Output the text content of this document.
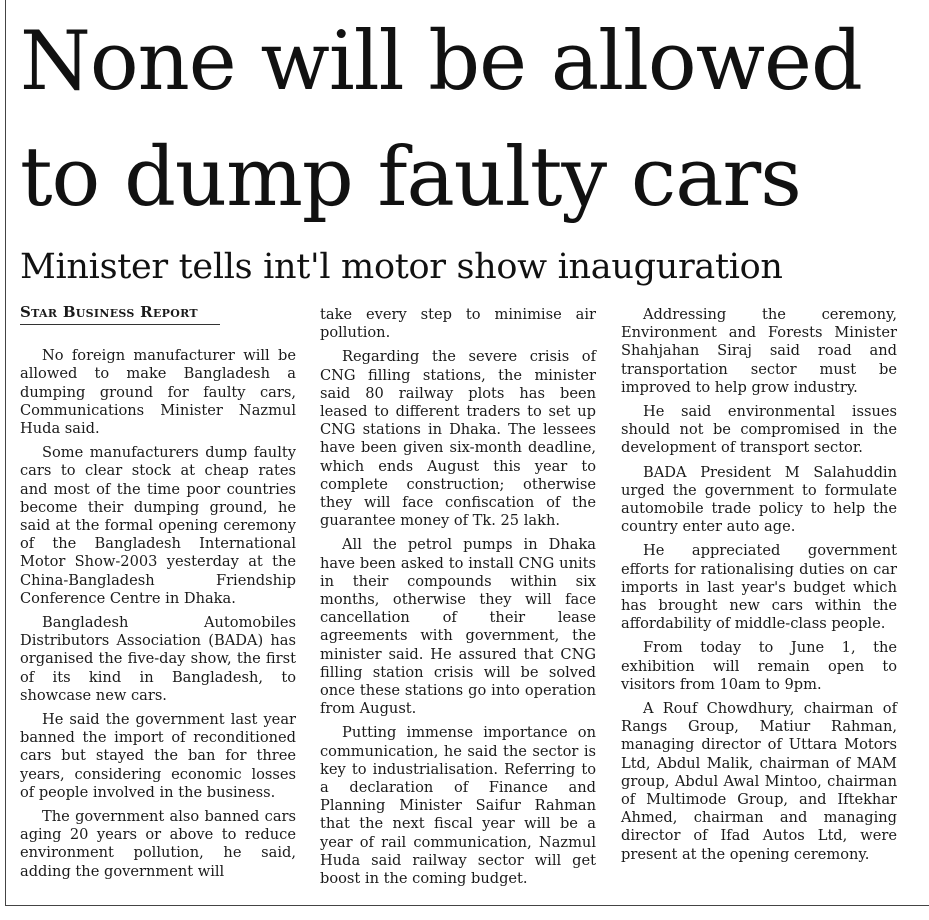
None will be allowed
to dump faulty cars
Minister tells int'l motor show inauguration
Star Business Report

No foreign manufacturer will be allowed to make Bangladesh a dumping ground for faulty cars, Communications Minister Nazmul Huda said.

Some manufacturers dump faulty cars to clear stock at cheap rates and most of the time poor countries become their dumping ground, he said at the formal opening ceremony of the Bangladesh International Motor Show-2003 yesterday at the China-Bangladesh Friendship Conference Centre in Dhaka.

Bangladesh Automobiles Distributors Association (BADA) has organised the five-day show, the first of its kind in Bangladesh, to showcase new cars.

He said the government last year banned the import of reconditioned cars but stayed the ban for three years, considering economic losses of people involved in the business.

The government also banned cars aging 20 years or above to reduce environment pollution, he said, adding the government will

take every step to minimise air pollution.

Regarding the severe crisis of CNG filling stations, the minister said 80 railway plots has been leased to different traders to set up CNG stations in Dhaka. The lessees have been given six-month deadline, which ends August this year to complete construction; otherwise they will face confiscation of the guarantee money of Tk. 25 lakh.

All the petrol pumps in Dhaka have been asked to install CNG units in their compounds within six months, otherwise they will face cancellation of their lease agreements with government, the minister said. He assured that CNG filling station crisis will be solved once these stations go into operation from August.

Putting immense importance on communication, he said the sector is key to industrialisation. Referring to a declaration of Finance and Planning Minister Saifur Rahman that the next fiscal year will be a year of rail communication, Nazmul Huda said railway sector will get boost in the coming budget.

Addressing the ceremony, Environment and Forests Minister Shahjahan Siraj said road and transportation sector must be improved to help grow industry.

He said environmental issues should not be compromised in the development of transport sector.

BADA President M Salahuddin urged the government to formulate automobile trade policy to help the country enter auto age.

He appreciated government efforts for rationalising duties on car imports in last year's budget which has brought new cars within the affordability of middle-class people.

From today to June 1, the exhibition will remain open to visitors from 10am to 9pm.

A Rouf Chowdhury, chairman of Rangs Group, Matiur Rahman, managing director of Uttara Motors Ltd, Abdul Malik, chairman of MAM group, Abdul Awal Mintoo, chairman of Multimode Group, and Iftekhar Ahmed, chairman and managing director of Ifad Autos Ltd, were present at the opening ceremony.
